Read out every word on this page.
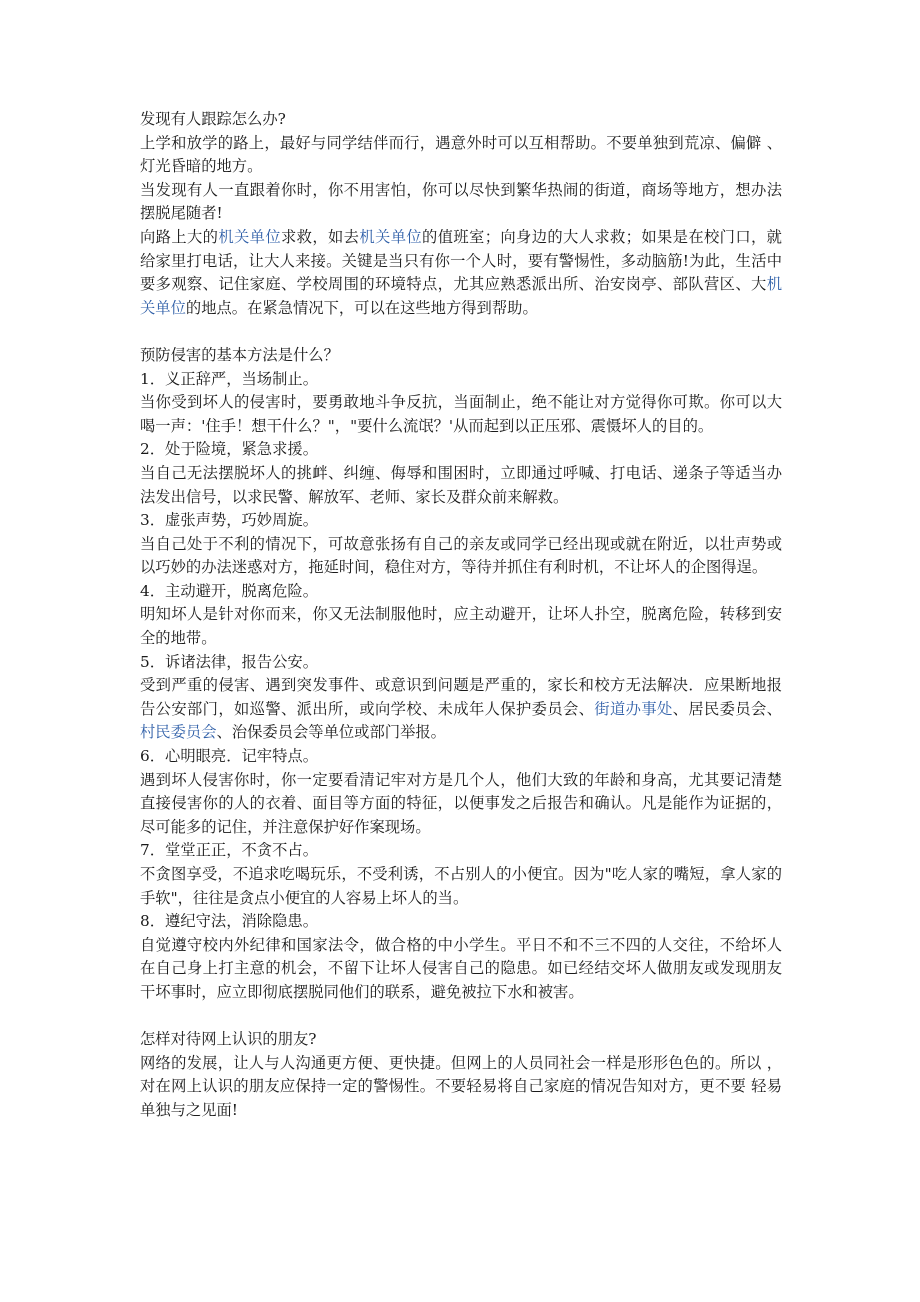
发现有人跟踪怎么办?

上学和放学的路上，最好与同学结伴而行，遇意外时可以互相帮助。不要单独到荒凉、偏僻 、灯光昏暗的地方。

当发现有人一直跟着你时，你不用害怕，你可以尽快到繁华热闹的街道，商场等地方，想办法摆脱尾随者!

向路上大的机关单位求救，如去机关单位的值班室；向身边的大人求救；如果是在校门口，就给家里打电话，让大人来接。关键是当只有你一个人时，要有警惕性，多动脑筋!为此，生活中要多观察、记住家庭、学校周围的环境特点，尤其应熟悉派出所、治安岗亭、部队营区、大机关单位的地点。在紧急情况下，可以在这些地方得到帮助。

预防侵害的基本方法是什么？

1．义正辞严，当场制止。

当你受到坏人的侵害时，要勇敢地斗争反抗，当面制止，绝不能让对方觉得你可欺。你可以大喝一声：'住手！想干什么？"，"要什么流氓？'从而起到以正压邪、震慑坏人的目的。

2．处于险境，紧急求援。

当自己无法摆脱坏人的挑衅、纠缠、侮辱和围困时，立即通过呼喊、打电话、递条子等适当办法发出信号，以求民警、解放军、老师、家长及群众前来解救。

3．虚张声势，巧妙周旋。

当自己处于不利的情况下，可故意张扬有自己的亲友或同学已经出现或就在附近，以壮声势或以巧妙的办法迷惑对方，拖延时间，稳住对方，等待并抓住有利时机，不让坏人的企图得逞。

4．主动避开，脱离危险。

明知坏人是针对你而来，你又无法制服他时，应主动避开，让坏人扑空，脱离危险，转移到安全的地带。

5．诉诸法律，报告公安。

受到严重的侵害、遇到突发事件、或意识到问题是严重的，家长和校方无法解决．应果断地报告公安部门，如巡警、派出所，或向学校、未成年人保护委员会、街道办事处、居民委员会、村民委员会、治保委员会等单位或部门举报。

6．心明眼亮．记牢特点。

遇到坏人侵害你时，你一定要看清记牢对方是几个人，他们大致的年龄和身高，尤其要记清楚直接侵害你的人的衣着、面目等方面的特征，以便事发之后报告和确认。凡是能作为证据的，尽可能多的记住，并注意保护好作案现场。

7．堂堂正正，不贪不占。

不贪图享受，不追求吃喝玩乐，不受利诱，不占别人的小便宜。因为"吃人家的嘴短，拿人家的手软"，往往是贪点小便宜的人容易上坏人的当。

8．遵纪守法，消除隐患。

自觉遵守校内外纪律和国家法令，做合格的中小学生。平日不和不三不四的人交往，不给坏人在自己身上打主意的机会，不留下让坏人侵害自己的隐患。如已经结交坏人做朋友或发现朋友干坏事时，应立即彻底摆脱同他们的联系，避免被拉下水和被害。

怎样对待网上认识的朋友?

网络的发展，让人与人沟通更方便、更快捷。但网上的人员同社会一样是形形色色的。所以 ，对在网上认识的朋友应保持一定的警惕性。不要轻易将自己家庭的情况告知对方，更不要 轻易单独与之见面!
